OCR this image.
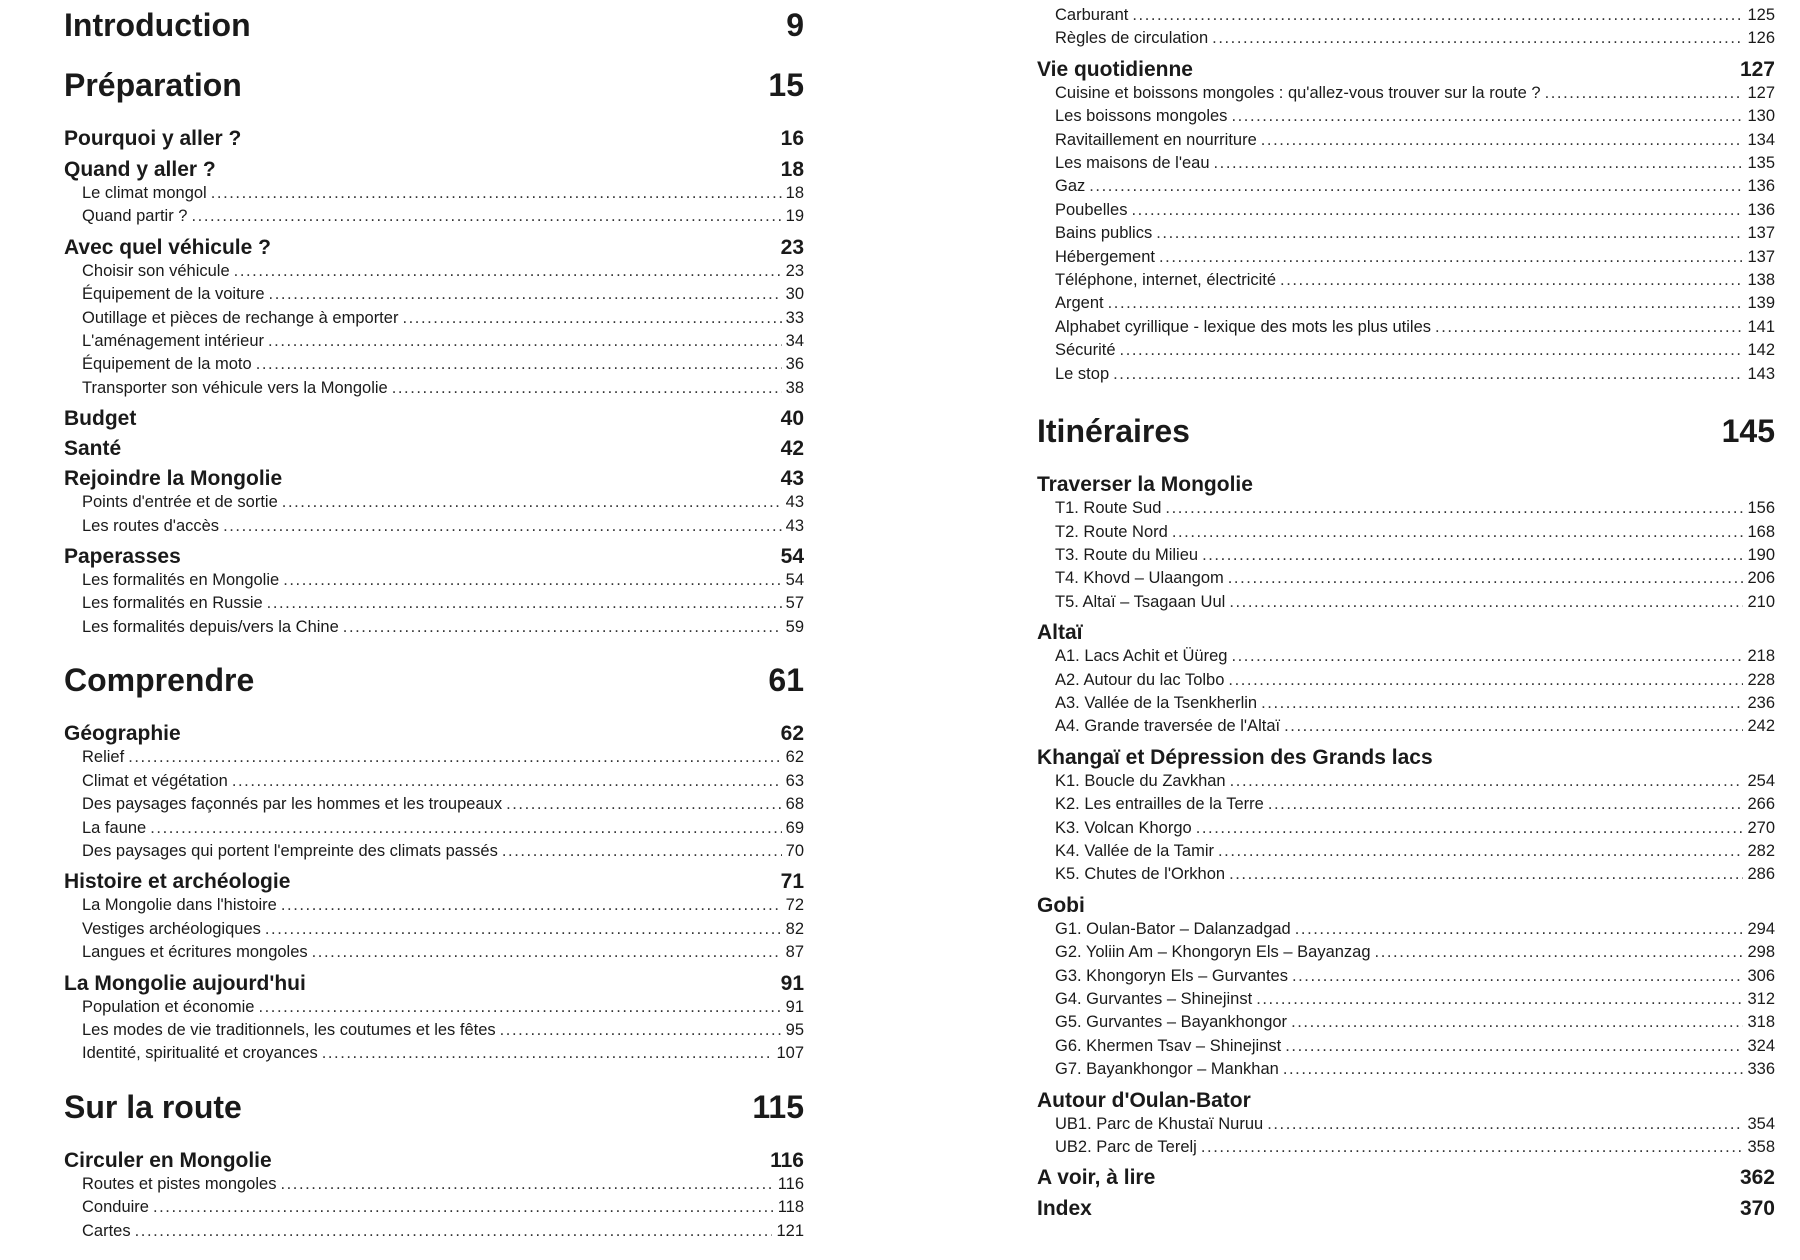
Introduction	9
Préparation	15
Pourquoi y aller ?	16
Quand y aller ?	18
Le climat mongol . . .	18
Quand partir ? . . .	19
Avec quel véhicule ?	23
Choisir son véhicule . . .	23
Équipement de la voiture . . .	30
Outillage et pièces de rechange à emporter . . .	33
L'aménagement intérieur . . .	34
Équipement de la moto . . .	36
Transporter son véhicule vers la Mongolie . . .	38
Budget	40
Santé	42
Rejoindre la Mongolie	43
Points d'entrée et de sortie . . .	43
Les routes d'accès . . .	43
Paperasses	54
Les formalités en Mongolie . . .	54
Les formalités en Russie . . .	57
Les formalités depuis/vers la Chine . . .	59
Comprendre	61
Géographie	62
Relief . . .	62
Climat et végétation . . .	63
Des paysages façonnés par les hommes et les troupeaux . . .	68
La faune . . .	69
Des paysages qui portent l'empreinte des climats passés . . .	70
Histoire et archéologie	71
La Mongolie dans l'histoire . . .	72
Vestiges archéologiques . . .	82
Langues et écritures mongoles . . .	87
La Mongolie aujourd'hui	91
Population et économie . . .	91
Les modes de vie traditionnels, les coutumes et les fêtes . . .	95
Identité, spiritualité et croyances . . .	107
Sur la route	115
Circuler en Mongolie	116
Routes et pistes mongoles . . .	116
Conduire . . .	118
Cartes . . .	121
Carburant . . .	125
Règles de circulation . . .	126
Vie quotidienne	127
Cuisine et boissons mongoles : qu'allez-vous trouver sur la route ? . . .	127
Les boissons mongoles . . .	130
Ravitaillement en nourriture . . .	134
Les maisons de l'eau . . .	135
Gaz . . .	136
Poubelles . . .	136
Bains publics . . .	137
Hébergement . . .	137
Téléphone, internet, électricité . . .	138
Argent . . .	139
Alphabet cyrillique - lexique des mots les plus utiles . . .	141
Sécurité . . .	142
Le stop . . .	143
Itinéraires	145
Traverser la Mongolie
T1. Route Sud . . .	156
T2. Route Nord . . .	168
T3. Route du Milieu . . .	190
T4. Khovd – Ulaangom . . .	206
T5. Altaï – Tsagaan Uul . . .	210
Altaï
A1. Lacs Achit et Üüreg . . .	218
A2. Autour du lac Tolbo . . .	228
A3. Vallée de la Tsenkherlin . . .	236
A4. Grande traversée de l'Altaï . . .	242
Khangaï et Dépression des Grands lacs
K1. Boucle du Zavkhan . . .	254
K2. Les entrailles de la Terre . . .	266
K3. Volcan Khorgo . . .	270
K4. Vallée de la Tamir . . .	282
K5. Chutes de l'Orkhon . . .	286
Gobi
G1. Oulan-Bator – Dalanzadgad . . .	294
G2. Yoliin Am – Khongoryn Els – Bayanzag . . .	298
G3. Khongoryn Els – Gurvantes . . .	306
G4. Gurvantes – Shinejinst . . .	312
G5. Gurvantes – Bayankhongor . . .	318
G6. Khermen Tsav – Shinejinst . . .	324
G7. Bayankhongor – Mankhan . . .	336
Autour d'Oulan-Bator
UB1. Parc de Khustaï Nuruu . . .	354
UB2. Parc de Terelj . . .	358
A voir, à lire	362
Index	370
